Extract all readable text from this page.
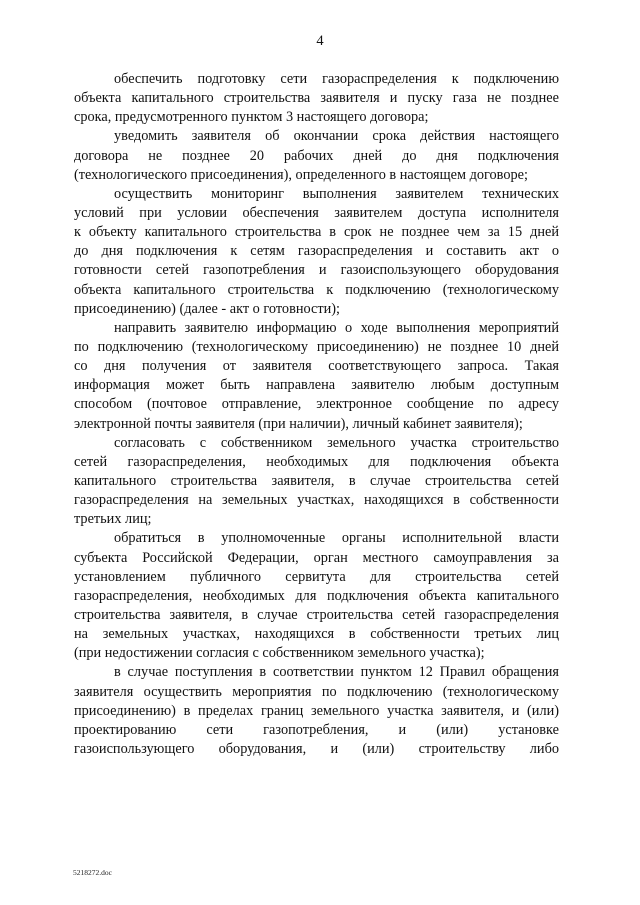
4
обеспечить подготовку сети газораспределения к подключению
объекта капитального строительства заявителя и пуску газа не позднее
срока, предусмотренного пунктом 3 настоящего договора;
уведомить заявителя об окончании срока действия настоящего
договора не позднее 20 рабочих дней до дня подключения
(технологического присоединения), определенного в настоящем договоре;
осуществить мониторинг выполнения заявителем технических
условий при условии обеспечения заявителем доступа исполнителя
к объекту капитального строительства в срок не позднее чем за 15 дней
до дня подключения к сетям газораспределения и составить акт о
готовности сетей газопотребления и газоиспользующего оборудования
объекта капитального строительства к подключению (технологическому
присоединению) (далее - акт о готовности);
направить заявителю информацию о ходе выполнения мероприятий
по подключению (технологическому присоединению) не позднее 10 дней
со дня получения от заявителя соответствующего запроса. Такая
информация может быть направлена заявителю любым доступным
способом (почтовое отправление, электронное сообщение по адресу
электронной почты заявителя (при наличии), личный кабинет заявителя);
согласовать с собственником земельного участка строительство
сетей газораспределения, необходимых для подключения объекта
капитального строительства заявителя, в случае строительства сетей
газораспределения на земельных участках, находящихся в собственности
третьих лиц;
обратиться в уполномоченные органы исполнительной власти
субъекта Российской Федерации, орган местного самоуправления за
установлением публичного сервитута для строительства сетей
газораспределения, необходимых для подключения объекта капитального
строительства заявителя, в случае строительства сетей газораспределения
на земельных участках, находящихся в собственности третьих лиц
(при недостижении согласия с собственником земельного участка);
в случае поступления в соответствии пунктом 12 Правил обращения
заявителя осуществить мероприятия по подключению (технологическому
присоединению) в пределах границ земельного участка заявителя, и (или)
проектированию сети газопотребления, и (или) установке
газоиспользующего оборудования, и (или) строительству либо
5218272.doc
